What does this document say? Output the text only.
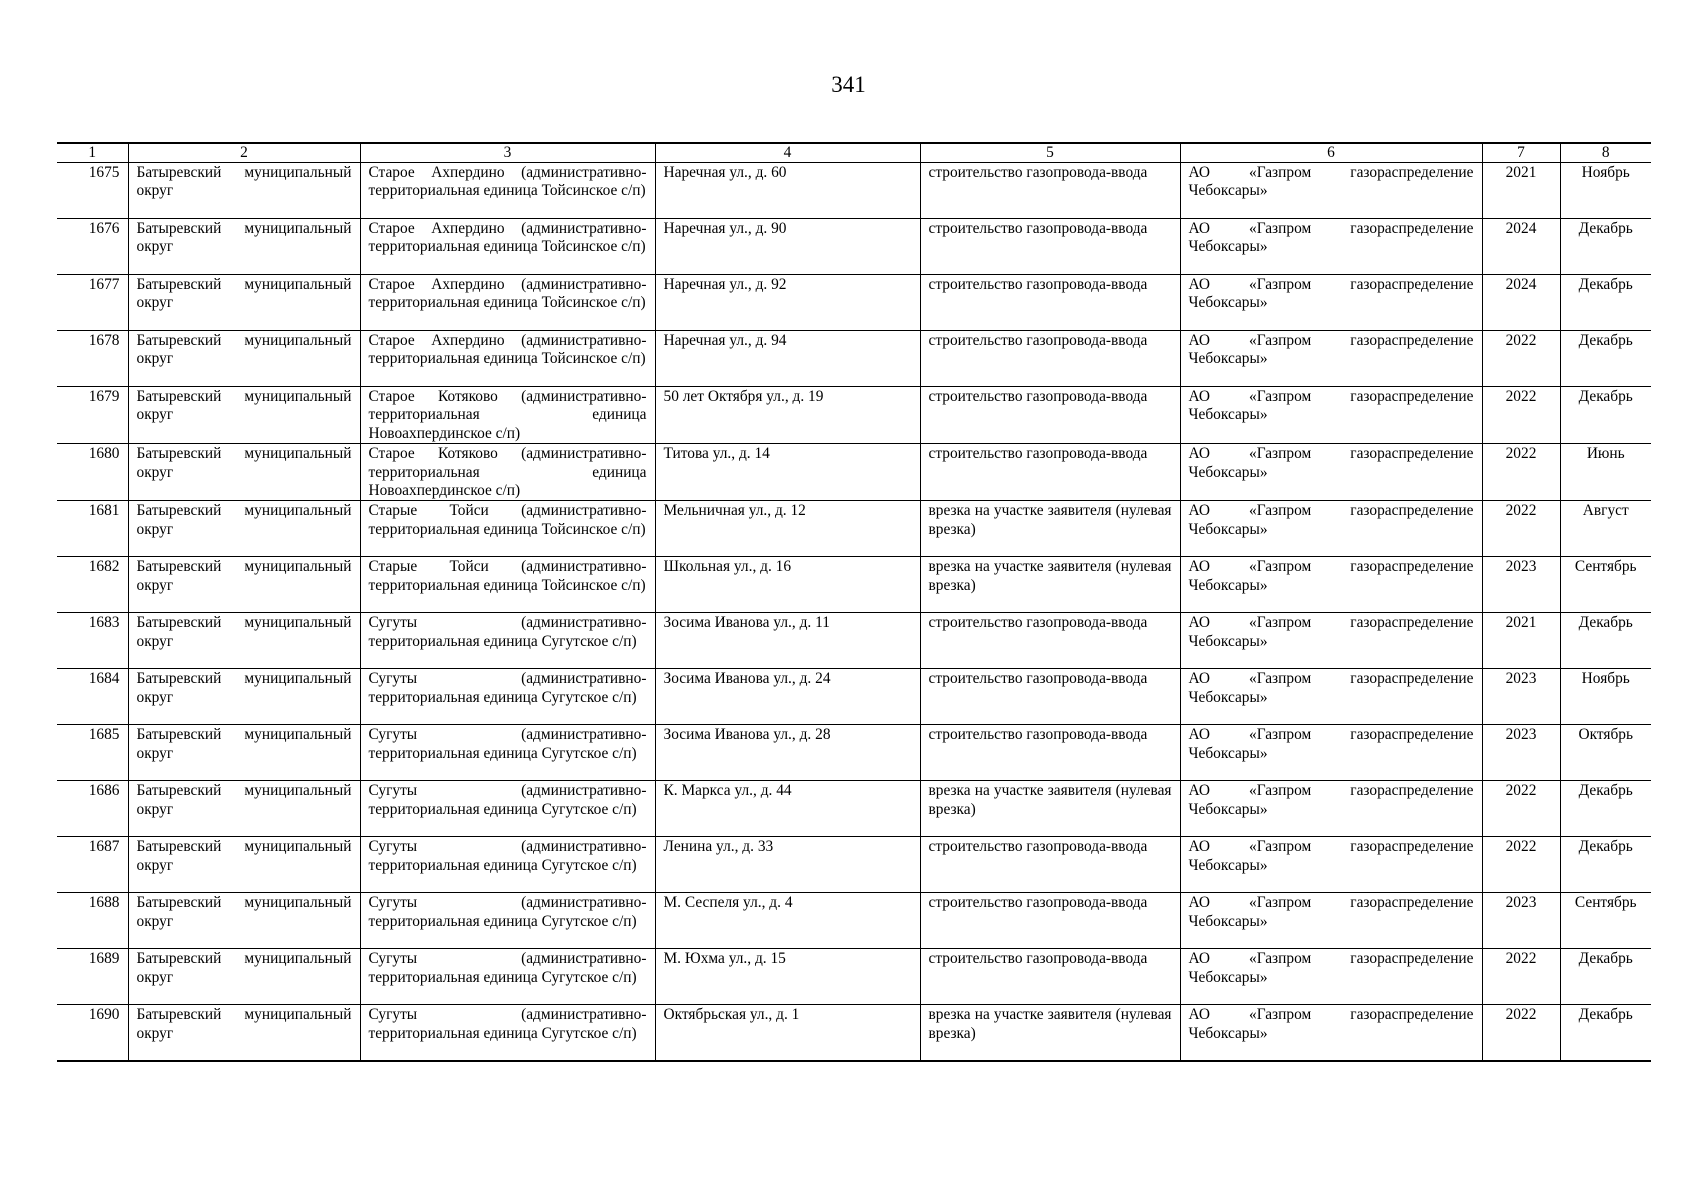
341
1	2	3	4	5	6	7	8
1675	Батыревский муниципальный округ	Старое Ахпердино (административно-территориальная единица Тойсинское с/п)	Наречная ул., д. 60	строительство газопровода-ввода	АО «Газпром газораспределение Чебоксары»	2021	Ноябрь
1676	Батыревский муниципальный округ	Старое Ахпердино (административно-территориальная единица Тойсинское с/п)	Наречная ул., д. 90	строительство газопровода-ввода	АО «Газпром газораспределение Чебоксары»	2024	Декабрь
1677	Батыревский муниципальный округ	Старое Ахпердино (административно-территориальная единица Тойсинское с/п)	Наречная ул., д. 92	строительство газопровода-ввода	АО «Газпром газораспределение Чебоксары»	2024	Декабрь
1678	Батыревский муниципальный округ	Старое Ахпердино (административно-территориальная единица Тойсинское с/п)	Наречная ул., д. 94	строительство газопровода-ввода	АО «Газпром газораспределение Чебоксары»	2022	Декабрь
1679	Батыревский муниципальный округ	Старое Котяково (административно-территориальная единица Новоахпердинское с/п)	50 лет Октября ул., д. 19	строительство газопровода-ввода	АО «Газпром газораспределение Чебоксары»	2022	Декабрь
1680	Батыревский муниципальный округ	Старое Котяково (административно-территориальная единица Новоахпердинское с/п)	Титова ул., д. 14	строительство газопровода-ввода	АО «Газпром газораспределение Чебоксары»	2022	Июнь
1681	Батыревский муниципальный округ	Старые Тойси (административно-территориальная единица Тойсинское с/п)	Мельничная ул., д. 12	врезка на участке заявителя (нулевая врезка)	АО «Газпром газораспределение Чебоксары»	2022	Август
1682	Батыревский муниципальный округ	Старые Тойси (административно-территориальная единица Тойсинское с/п)	Школьная ул., д. 16	врезка на участке заявителя (нулевая врезка)	АО «Газпром газораспределение Чебоксары»	2023	Сентябрь
1683	Батыревский муниципальный округ	Сугуты (административно-территориальная единица Сугутское с/п)	Зосима Иванова ул., д. 11	строительство газопровода-ввода	АО «Газпром газораспределение Чебоксары»	2021	Декабрь
1684	Батыревский муниципальный округ	Сугуты (административно-территориальная единица Сугутское с/п)	Зосима Иванова ул., д. 24	строительство газопровода-ввода	АО «Газпром газораспределение Чебоксары»	2023	Ноябрь
1685	Батыревский муниципальный округ	Сугуты (административно-территориальная единица Сугутское с/п)	Зосима Иванова ул., д. 28	строительство газопровода-ввода	АО «Газпром газораспределение Чебоксары»	2023	Октябрь
1686	Батыревский муниципальный округ	Сугуты (административно-территориальная единица Сугутское с/п)	К. Маркса ул., д. 44	врезка на участке заявителя (нулевая врезка)	АО «Газпром газораспределение Чебоксары»	2022	Декабрь
1687	Батыревский муниципальный округ	Сугуты (административно-территориальная единица Сугутское с/п)	Ленина ул., д. 33	строительство газопровода-ввода	АО «Газпром газораспределение Чебоксары»	2022	Декабрь
1688	Батыревский муниципальный округ	Сугуты (административно-территориальная единица Сугутское с/п)	М. Сеспеля ул., д. 4	строительство газопровода-ввода	АО «Газпром газораспределение Чебоксары»	2023	Сентябрь
1689	Батыревский муниципальный округ	Сугуты (административно-территориальная единица Сугутское с/п)	М. Юхма ул., д. 15	строительство газопровода-ввода	АО «Газпром газораспределение Чебоксары»	2022	Декабрь
1690	Батыревский муниципальный округ	Сугуты (административно-территориальная единица Сугутское с/п)	Октябрьская ул., д. 1	врезка на участке заявителя (нулевая врезка)	АО «Газпром газораспределение Чебоксары»	2022	Декабрь
